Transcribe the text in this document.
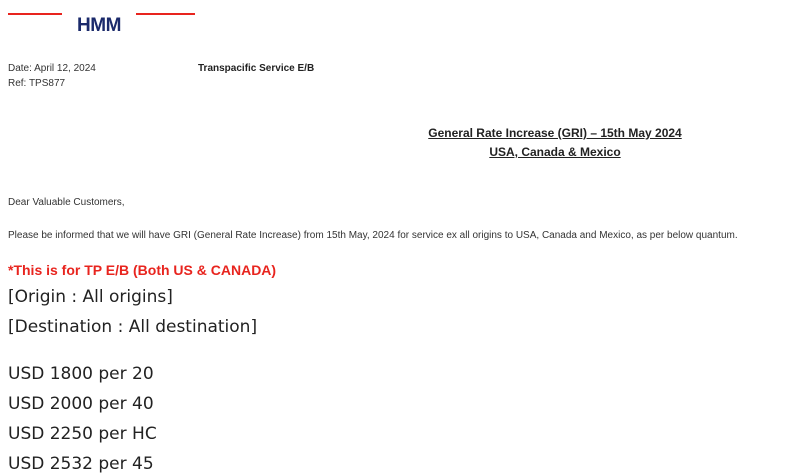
HMM
Date: April 12, 2024
Ref: TPS877
Transpacific Service E/B
General Rate Increase (GRI) – 15th May 2024
USA, Canada & Mexico
Dear Valuable Customers,
Please be informed that we will have GRI (General Rate Increase) from 15th May, 2024 for service ex all origins to USA, Canada and Mexico, as per below quantum.
*This is for TP E/B (Both US & CANADA)
[Origin : All origins]
[Destination : All destination]
USD 1800 per 20
USD 2000 per 40
USD 2250 per HC
USD 2532 per 45
